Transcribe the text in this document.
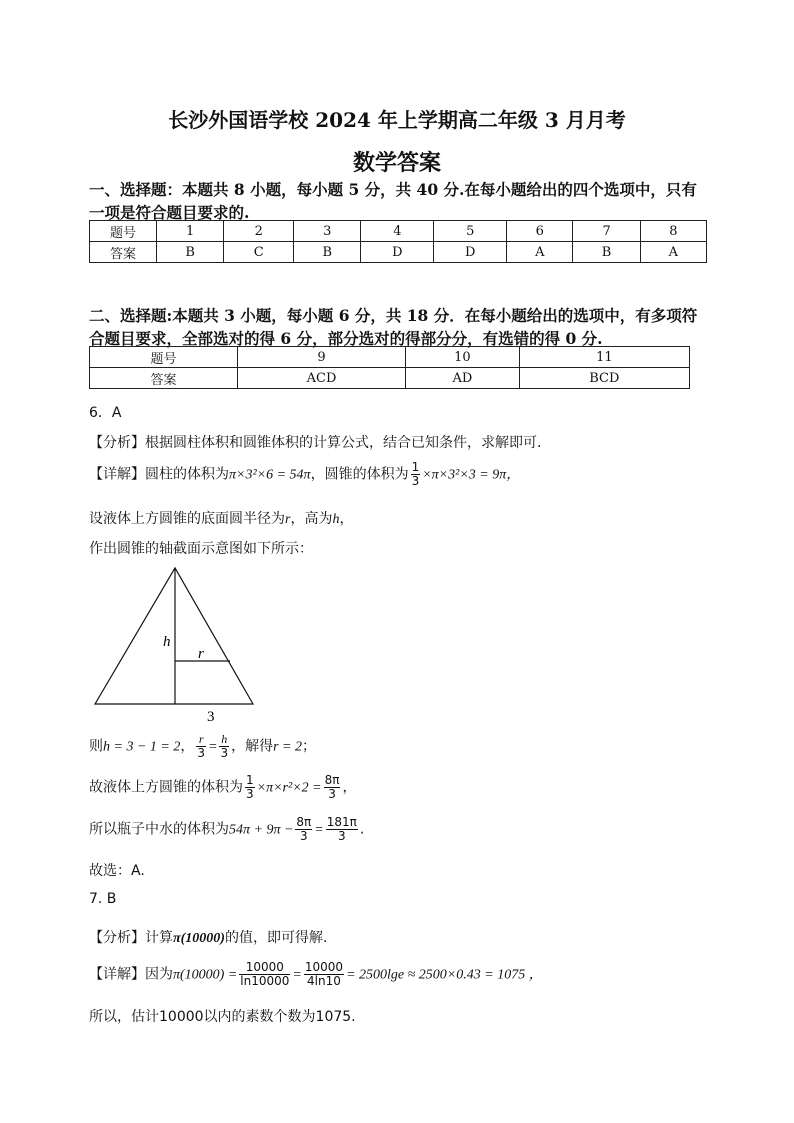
长沙外国语学校 2024 年上学期高二年级 3 月月考
数学答案
一、选择题：本题共 8 小题，每小题 5 分，共 40 分.在每小题给出的四个选项中，只有
一项是符合题目要求的.
题号	1	2	3	4	5	6	7	8
答案	B	C	B	D	D	A	B	A
二、选择题:本题共 3 小题，每小题 6 分，共 18 分．在每小题给出的选项中，有多项符
合题目要求，全部选对的得 6 分，部分选对的得部分分，有选错的得 0 分.
题号	9	10	11
答案	ACD	AD	BCD
6．A
【分析】根据圆柱体积和圆锥体积的计算公式，结合已知条件，求解即可.
【详解】圆柱的体积为π×3²×6 = 54π，圆锥的体积为 $\frac{1}{3} \times\pi\times 3^2\times 3 = 9\pi$，
设液体上方圆锥的底面圆半径为r，高为h，
作出圆锥的轴截面示意图如下所示：
h
r
3
则h = 3 − 1 = 2， $\frac{r}{3} = \frac{h}{3}$ ，解得r = 2；
故液体上方圆锥的体积为 $\frac{1}{3} \times\pi\times r^2\times 2 = \frac{8\pi}{3}$ ，
所以瓶子中水的体积为$54\pi + 9\pi - \frac{8\pi}{3} = \frac{181\pi}{3}$ .
故选：A.
7. B
【分析】计算π(10000)的值，即可得解.
【详解】因为$\pi(10000) = \frac{10000}{\ln 10000} = \frac{10000}{4\ln 10} = 2500\lg e \approx 2500\times 0.43 = 1075$ ，
所以，估计10000以内的素数个数为1075.
